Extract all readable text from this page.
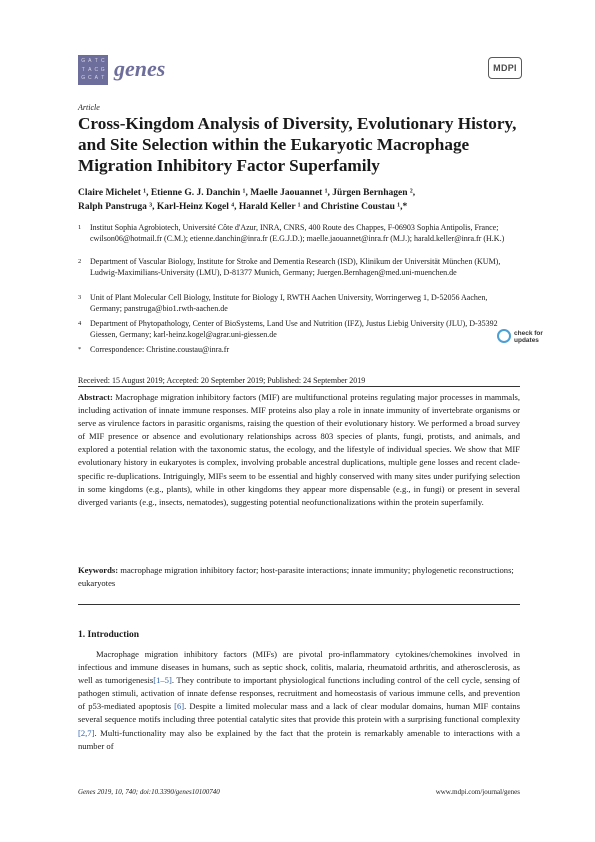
G A T C
T A C G
G C A T genes	MDPI
Article
Cross-Kingdom Analysis of Diversity, Evolutionary History, and Site Selection within the Eukaryotic Macrophage Migration Inhibitory Factor Superfamily
Claire Michelet ¹, Etienne G. J. Danchin ¹, Maelle Jaouannet ¹, Jürgen Bernhagen ²,
Ralph Panstruga ³, Karl-Heinz Kogel ⁴, Harald Keller ¹ and Christine Coustau ¹,*
1 Institut Sophia Agrobiotech, Université Côte d'Azur, INRA, CNRS, 400 Route des Chappes, F-06903 Sophia Antipolis, France; cwilson06@hotmail.fr (C.M.); etienne.danchin@inra.fr (E.G.J.D.); maelle.jaouannet@inra.fr (M.J.); harald.keller@inra.fr (H.K.)
2 Department of Vascular Biology, Institute for Stroke and Dementia Research (ISD), Klinikum der Universität München (KUM), Ludwig-Maximilians-University (LMU), D-81377 Munich, Germany; Juergen.Bernhagen@med.uni-muenchen.de
3 Unit of Plant Molecular Cell Biology, Institute for Biology I, RWTH Aachen University, Worringerweg 1, D-52056 Aachen, Germany; panstruga@bio1.rwth-aachen.de
4 Department of Phytopathology, Center of BioSystems, Land Use and Nutrition (IFZ), Justus Liebig University (JLU), D-35392 Giessen, Germany; karl-heinz.kogel@agrar.uni-giessen.de
* Correspondence: Christine.coustau@inra.fr
check for
updates
Received: 15 August 2019; Accepted: 20 September 2019; Published: 24 September 2019
Abstract: Macrophage migration inhibitory factors (MIF) are multifunctional proteins regulating major processes in mammals, including activation of innate immune responses. MIF proteins also play a role in innate immunity of invertebrate organisms or serve as virulence factors in parasitic organisms, raising the question of their evolutionary history. We performed a broad survey of MIF presence or absence and evolutionary relationships across 803 species of plants, fungi, protists, and animals, and explored a potential relation with the taxonomic status, the ecology, and the lifestyle of individual species. We show that MIF evolutionary history in eukaryotes is complex, involving probable ancestral duplications, multiple gene losses and recent clade-specific re-duplications. Intriguingly, MIFs seem to be essential and highly conserved with many sites under purifying selection in some kingdoms (e.g., plants), while in other kingdoms they appear more dispensable (e.g., in fungi) or present in several diverged variants (e.g., insects, nematodes), suggesting potential neofunctionalizations within the protein superfamily.
Keywords: macrophage migration inhibitory factor; host-parasite interactions; innate immunity; phylogenetic reconstructions; eukaryotes
1. Introduction
Macrophage migration inhibitory factors (MIFs) are pivotal pro-inflammatory cytokines/chemokines involved in infectious and immune diseases in humans, such as septic shock, colitis, malaria, rheumatoid arthritis, and atherosclerosis, as well as tumorigenesis[1–5]. They contribute to important physiological functions including control of the cell cycle, sensing of pathogen stimuli, activation of innate defense responses, recruitment and homeostasis of various immune cells, and prevention of p53-mediated apoptosis [6]. Despite a limited molecular mass and a lack of clear modular domains, human MIF contains several sequence motifs including three potential catalytic sites that provide this protein with a surprising functional complexity [2,7]. Multi-functionality may also be explained by the fact that the protein is remarkably amenable to interactions with a number of
Genes 2019, 10, 740; doi:10.3390/genes10100740	www.mdpi.com/journal/genes
